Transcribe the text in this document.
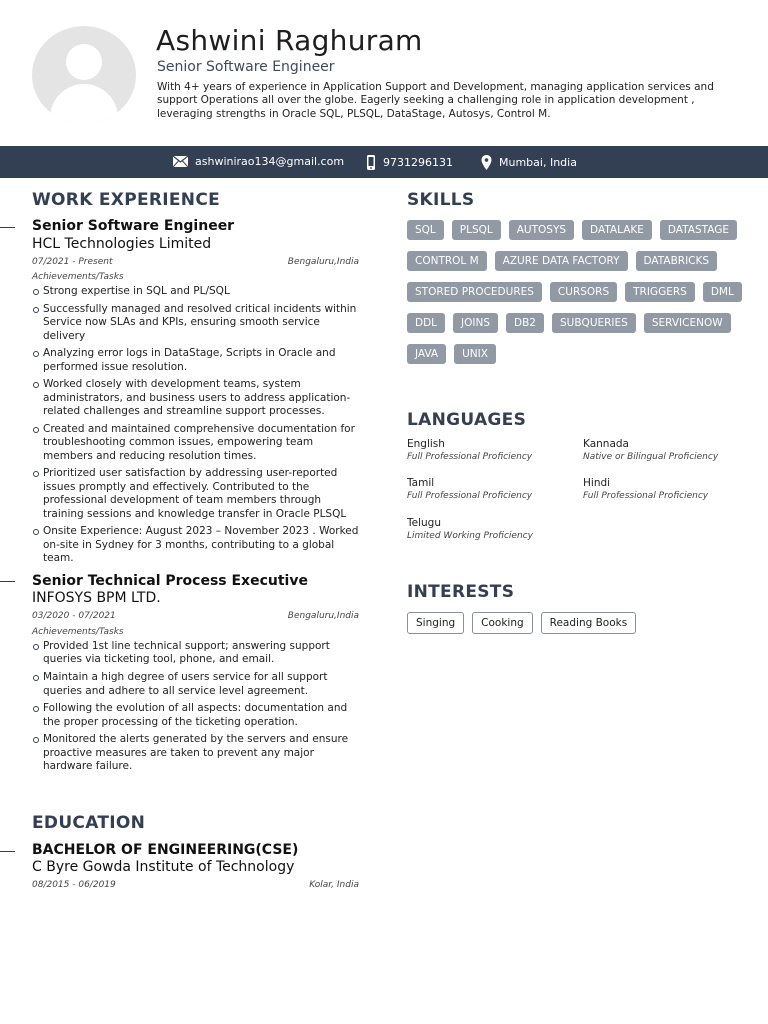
Ashwini Raghuram
Senior Software Engineer
With 4+ years of experience in Application Support and Development, managing application services and support Operations all over the globe. Eagerly seeking a challenging role in application development , leveraging strengths in Oracle SQL, PLSQL, DataStage, Autosys, Control M.
ashwinirao134@gmail.com	9731296131	Mumbai, India
WORK EXPERIENCE
Senior Software Engineer
HCL Technologies Limited
07/2021 - Present	Bengaluru,India
Achievements/Tasks
Strong expertise in SQL and PL/SQL
Successfully managed and resolved critical incidents within Service now SLAs and KPIs, ensuring smooth service delivery
Analyzing error logs in DataStage, Scripts in Oracle and performed issue resolution.
Worked closely with development teams, system administrators, and business users to address application-related challenges and streamline support processes.
Created and maintained comprehensive documentation for troubleshooting common issues, empowering team members and reducing resolution times.
Prioritized user satisfaction by addressing user-reported issues promptly and effectively. Contributed to the professional development of team members through training sessions and knowledge transfer in Oracle PLSQL
Onsite Experience: August 2023 – November 2023 . Worked on-site in Sydney for 3 months, contributing to a global team.
Senior Technical Process Executive
INFOSYS BPM LTD.
03/2020 - 07/2021	Bengaluru,India
Achievements/Tasks
Provided 1st line technical support; answering support queries via ticketing tool, phone, and email.
Maintain a high degree of users service for all support queries and adhere to all service level agreement.
Following the evolution of all aspects: documentation and the proper processing of the ticketing operation.
Monitored the alerts generated by the servers and ensure proactive measures are taken to prevent any major hardware failure.
EDUCATION
BACHELOR OF ENGINEERING(CSE)
C Byre Gowda Institute of Technology
08/2015 - 06/2019	Kolar, India
SKILLS
SQL	PLSQL	AUTOSYS	DATALAKE	DATASTAGE
CONTROL M	AZURE DATA FACTORY	DATABRICKS
STORED PROCEDURES	CURSORS	TRIGGERS	DML
DDL	JOINS	DB2	SUBQUERIES	SERVICENOW
JAVA	UNIX
LANGUAGES
English
Full Professional Proficiency
Kannada
Native or Bilingual Proficiency
Tamil
Full Professional Proficiency
Hindi
Full Professional Proficiency
Telugu
Limited Working Proficiency
INTERESTS
Singing	Cooking	Reading Books
